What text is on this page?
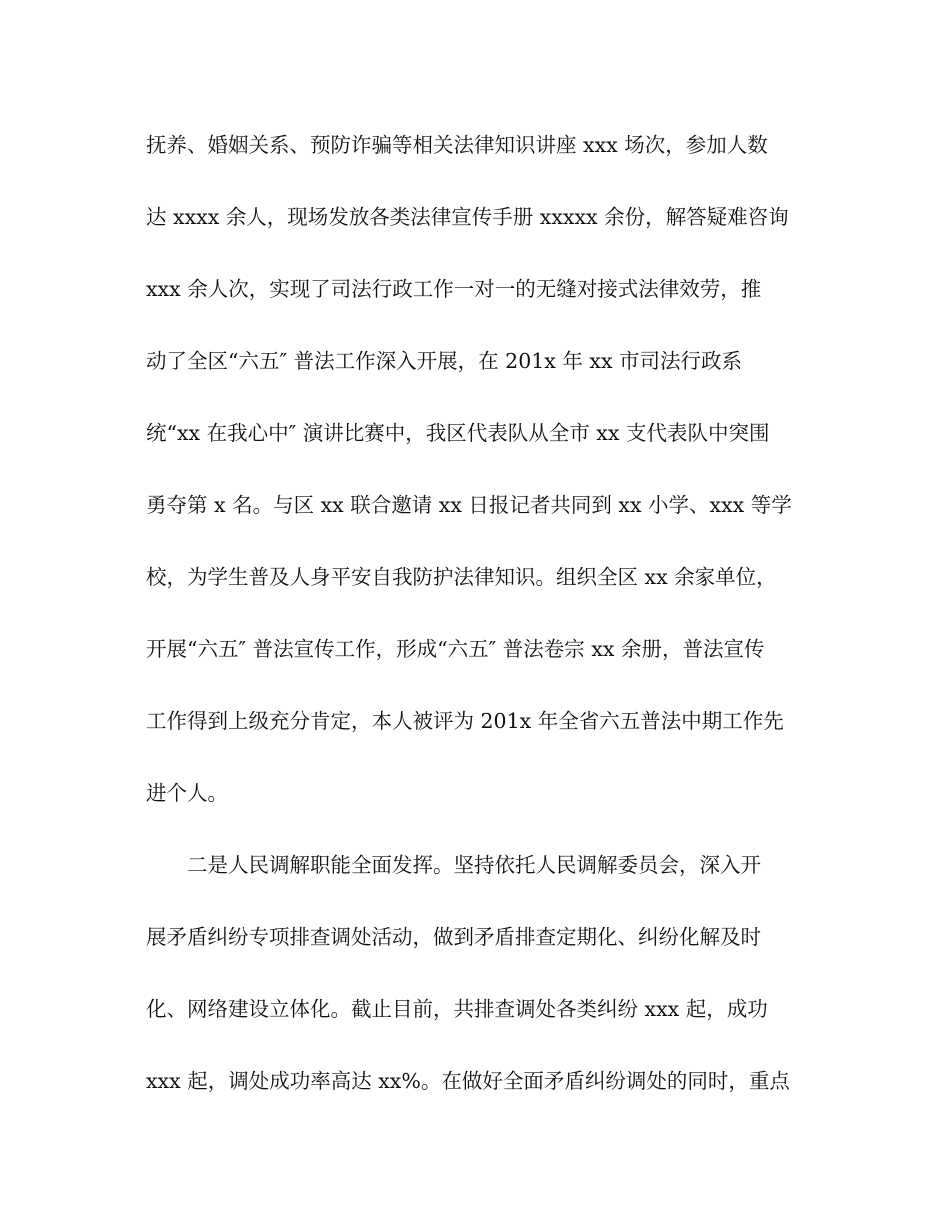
抚养、婚姻关系、预防诈骗等相关法律知识讲座 xxx 场次，参加人数
达 xxxx 余人，现场发放各类法律宣传手册 xxxxx 余份，解答疑难咨询
xxx 余人次，实现了司法行政工作一对一的无缝对接式法律效劳，推
动了全区“六五″ 普法工作深入开展，在 201x 年 xx 市司法行政系
统“xx 在我心中″ 演讲比赛中，我区代表队从全市 xx 支代表队中突围
勇夺第 x 名。与区 xx 联合邀请 xx 日报记者共同到 xx 小学、xxx 等学
校，为学生普及人身平安自我防护法律知识。组织全区 xx 余家单位，
开展“六五″ 普法宣传工作，形成“六五″ 普法卷宗 xx 余册，普法宣传
工作得到上级充分肯定，本人被评为 201x 年全省六五普法中期工作先
进个人。
　　二是人民调解职能全面发挥。坚持依托人民调解委员会，深入开
展矛盾纠纷专项排查调处活动，做到矛盾排查定期化、纠纷化解及时
化、网络建设立体化。截止目前，共排查调处各类纠纷 xxx 起，成功
xxx 起，调处成功率高达 xx%。在做好全面矛盾纠纷调处的同时，重点
